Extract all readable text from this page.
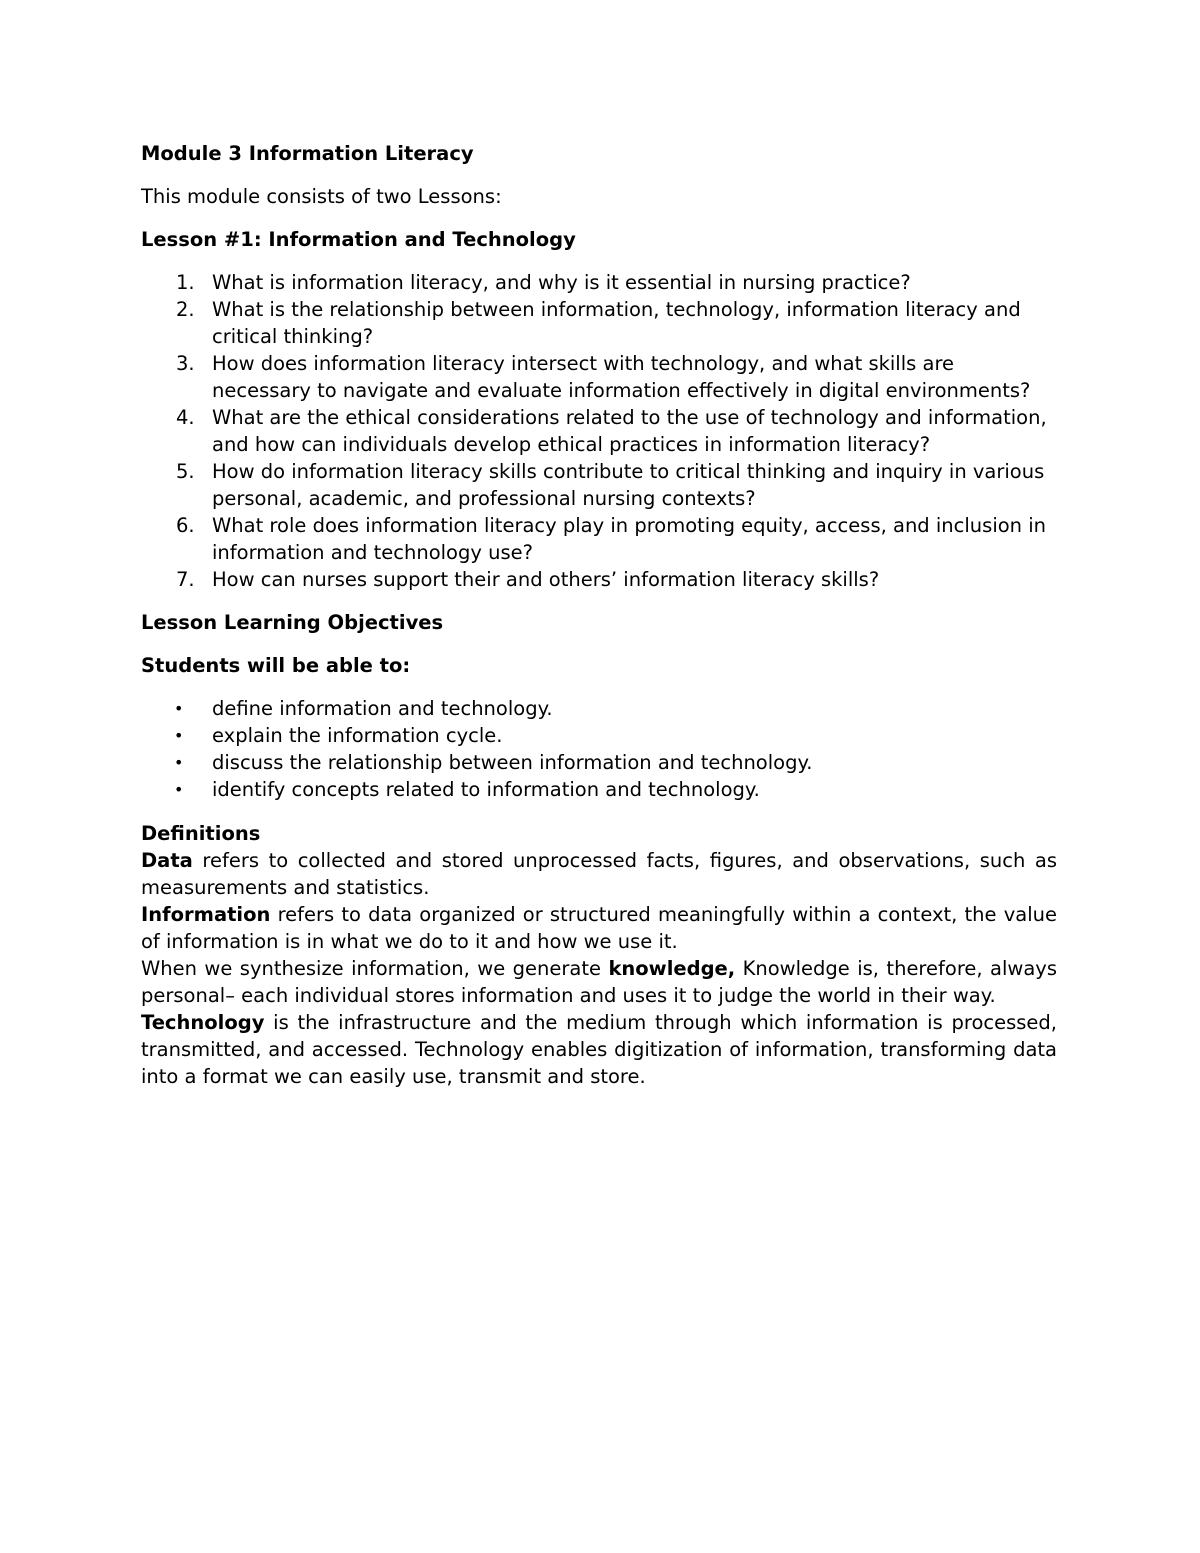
Module 3 Information Literacy

This module consists of two Lessons:

Lesson #1: Information and Technology

1. What is information literacy, and why is it essential in nursing practice?
2. What is the relationship between information, technology, information literacy and critical thinking?
3. How does information literacy intersect with technology, and what skills are necessary to navigate and evaluate information effectively in digital environments?
4. What are the ethical considerations related to the use of technology and information, and how can individuals develop ethical practices in information literacy?
5. How do information literacy skills contribute to critical thinking and inquiry in various personal, academic, and professional nursing contexts?
6. What role does information literacy play in promoting equity, access, and inclusion in information and technology use?
7. How can nurses support their and others’ information literacy skills?

Lesson Learning Objectives

Students will be able to:

• define information and technology.
• explain the information cycle.
• discuss the relationship between information and technology.
• identify concepts related to information and technology.

Definitions

Data refers to collected and stored unprocessed facts, figures, and observations, such as measurements and statistics.

Information refers to data organized or structured meaningfully within a context, the value of information is in what we do to it and how we use it.

When we synthesize information, we generate knowledge, Knowledge is, therefore, always personal– each individual stores information and uses it to judge the world in their way.

Technology is the infrastructure and the medium through which information is processed, transmitted, and accessed. Technology enables digitization of information, transforming data into a format we can easily use, transmit and store.
